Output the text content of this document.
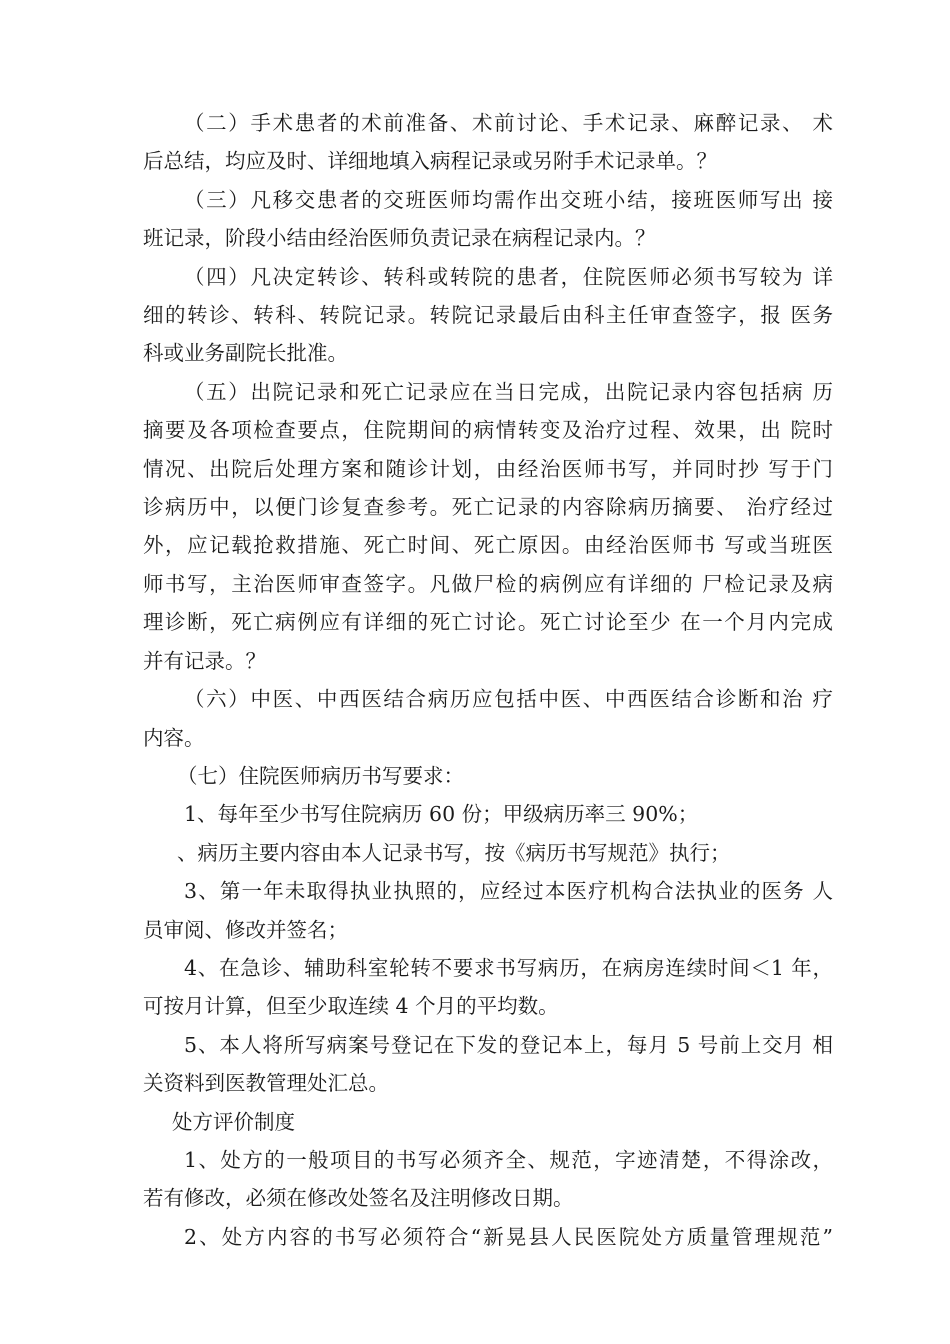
（二）手术患者的术前准备、术前讨论、手术记录、麻醉记录、 术
后总结，均应及时、详细地填入病程记录或另附手术记录单。？
（三）凡移交患者的交班医师均需作出交班小结，接班医师写出 接
班记录，阶段小结由经治医师负责记录在病程记录内。？
（四）凡决定转诊、转科或转院的患者，住院医师必须书写较为 详
细的转诊、转科、转院记录。转院记录最后由科主任审查签字，报 医务
科或业务副院长批准。
（五）出院记录和死亡记录应在当日完成，出院记录内容包括病 历
摘要及各项检查要点，住院期间的病情转变及治疗过程、效果，出 院时
情况、出院后处理方案和随诊计划，由经治医师书写，并同时抄 写于门
诊病历中，以便门诊复查参考。死亡记录的内容除病历摘要、 治疗经过
外，应记载抢救措施、死亡时间、死亡原因。由经治医师书 写或当班医
师书写，主治医师审查签字。凡做尸检的病例应有详细的 尸检记录及病
理诊断，死亡病例应有详细的死亡讨论。死亡讨论至少 在一个月内完成
并有记录。？
（六）中医、中西医结合病历应包括中医、中西医结合诊断和治 疗
内容。
（七）住院医师病历书写要求：
1、每年至少书写住院病历 60 份；甲级病历率三 90%；
、病历主要内容由本人记录书写，按《病历书写规范》执行；
3、第一年未取得执业执照的，应经过本医疗机构合法执业的医务 人
员审阅、修改并签名；
4、在急诊、辅助科室轮转不要求书写病历，在病房连续时间＜1 年，
可按月计算，但至少取连续 4 个月的平均数。
5、本人将所写病案号登记在下发的登记本上，每月 5 号前上交月 相
关资料到医教管理处汇总。
处方评价制度
1、处方的一般项目的书写必须齐全、规范，字迹清楚，不得涂改，
若有修改，必须在修改处签名及注明修改日期。
2、处方内容的书写必须符合“新晃县人民医院处方质量管理规范”
